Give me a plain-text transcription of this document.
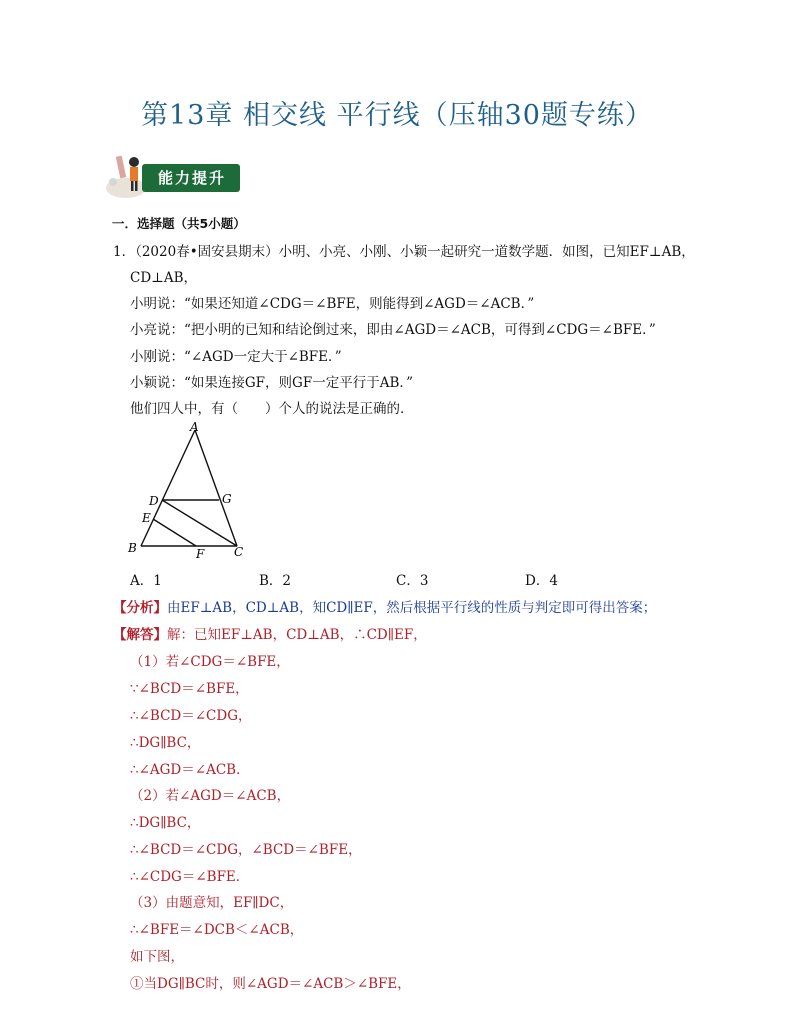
第13章 相交线 平行线（压轴30题专练）
能力提升
一．选择题（共5小题）
1．（2020春•固安县期末）小明、小亮、小刚、小颖一起研究一道数学题．如图，已知EF⊥AB，
CD⊥AB，
小明说：“如果还知道∠CDG＝∠BFE，则能得到∠AGD＝∠ACB．”
小亮说：“把小明的已知和结论倒过来，即由∠AGD＝∠ACB，可得到∠CDG＝∠BFE．”
小刚说：“∠AGD一定大于∠BFE．”
小颖说：“如果连接GF，则GF一定平行于AB．”
他们四人中，有（　　）个人的说法是正确的．
A
D	G
E
B	F C
A．1	B．2	C．3	D．4
【分析】由EF⊥AB，CD⊥AB，知CD∥EF，然后根据平行线的性质与判定即可得出答案；
【解答】解：已知EF⊥AB，CD⊥AB，∴CD∥EF，
（1）若∠CDG＝∠BFE，
∵∠BCD＝∠BFE，
∴∠BCD＝∠CDG，
∴DG∥BC，
∴∠AGD＝∠ACB．
（2）若∠AGD＝∠ACB，
∴DG∥BC，
∴∠BCD＝∠CDG，∠BCD＝∠BFE，
∴∠CDG＝∠BFE．
（3）由题意知，EF∥DC，
∴∠BFE＝∠DCB＜∠ACB，
如下图，
①当DG∥BC时，则∠AGD＝∠ACB＞∠BFE，
